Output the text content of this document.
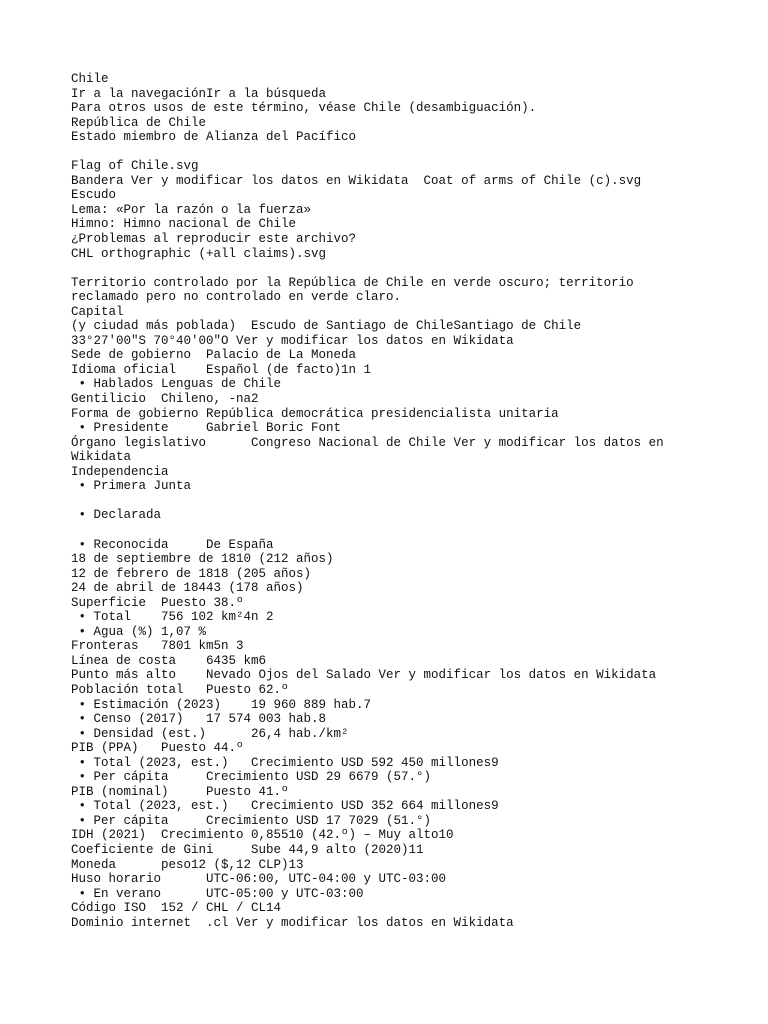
Chile
Ir a la navegaciónIr a la búsqueda
Para otros usos de este término, véase Chile (desambiguación).
República de Chile
Estado miembro de Alianza del Pacífico
Flag of Chile.svg
Bandera Ver y modificar los datos en Wikidata  Coat of arms of Chile (c).svg
Escudo
Lema: «Por la razón o la fuerza»
Himno: Himno nacional de Chile
¿Problemas al reproducir este archivo?
CHL orthographic (+all claims).svg
Territorio controlado por la República de Chile en verde oscuro; territorio
reclamado pero no controlado en verde claro.
Capital
(y ciudad más poblada)  Escudo de Santiago de ChileSantiago de Chile
33°27'00"S 70°40'00"O Ver y modificar los datos en Wikidata
Sede de gobierno  Palacio de La Moneda
Idioma oficial    Español (de facto)1n 1
• Hablados Lenguas de Chile
Gentilicio  Chileno, -na2
Forma de gobierno República democrática presidencialista unitaria
• Presidente     Gabriel Boric Font
Órgano legislativo      Congreso Nacional de Chile Ver y modificar los datos en
Wikidata
Independencia
• Primera Junta
• Declarada
• Reconocida     De España
18 de septiembre de 1810 (212 años)
12 de febrero de 1818 (205 años)
24 de abril de 18443 (178 años)
Superficie  Puesto 38.º
• Total    756 102 km²4n 2
• Agua (%) 1,07 %
Fronteras   7801 km5n 3
Línea de costa    6435 km6
Punto más alto    Nevado Ojos del Salado Ver y modificar los datos en Wikidata
Población total   Puesto 62.º
• Estimación (2023)    19 960 889 hab.7
• Censo (2017)   17 574 003 hab.8
• Densidad (est.)      26,4 hab./km²
PIB (PPA)   Puesto 44.º
• Total (2023, est.)   Crecimiento USD 592 450 millones9
• Per cápita     Crecimiento USD 29 6679 (57.°)
PIB (nominal)     Puesto 41.º
• Total (2023, est.)   Crecimiento USD 352 664 millones9
• Per cápita     Crecimiento USD 17 7029 (51.°)
IDH (2021)  Crecimiento 0,85510 (42.º) – Muy alto10
Coeficiente de Gini     Sube 44,9 alto (2020)11
Moneda      peso12 ($,12 CLP)13
Huso horario      UTC-06:00, UTC-04:00 y UTC-03:00
• En verano      UTC-05:00 y UTC-03:00
Código ISO  152 / CHL / CL14
Dominio internet  .cl Ver y modificar los datos en Wikidata
